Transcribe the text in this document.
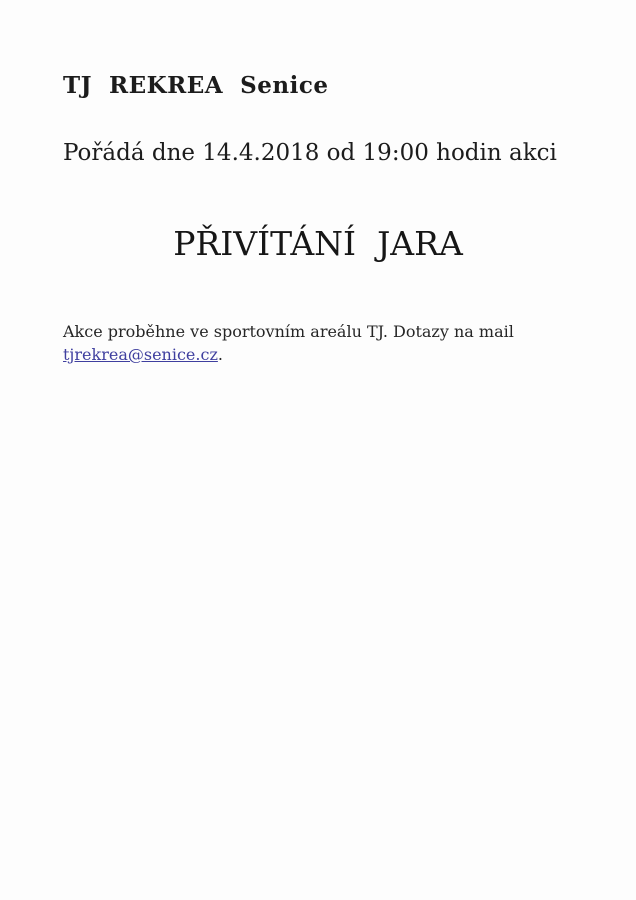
TJ  REKREA  Senice
Pořádá dne 14.4.2018 od 19:00 hodin akci
PŘIVÍTÁNÍ  JARA

Akce proběhne ve sportovním areálu TJ. Dotazy na mail
tjrekrea@senice.cz.
